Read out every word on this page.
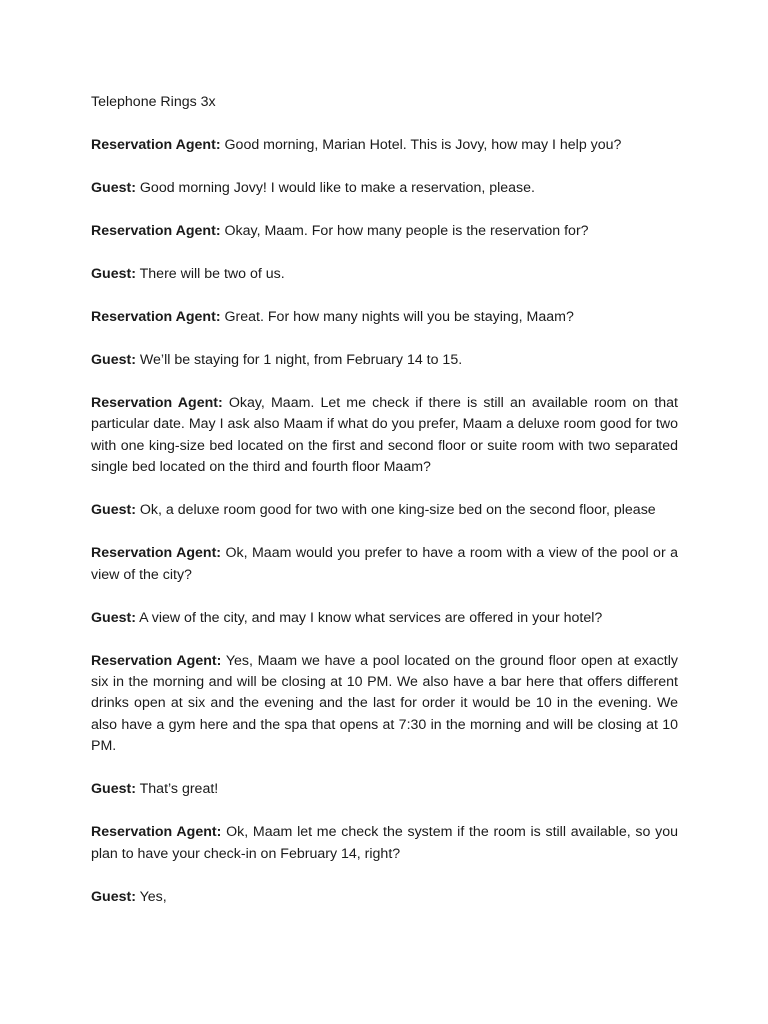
Telephone Rings 3x

Reservation Agent: Good morning, Marian Hotel. This is Jovy, how may I help you?

Guest: Good morning Jovy! I would like to make a reservation, please.

Reservation Agent: Okay, Maam. For how many people is the reservation for?

Guest: There will be two of us.

Reservation Agent: Great. For how many nights will you be staying, Maam?

Guest: We’ll be staying for 1 night, from February 14 to 15.

Reservation Agent: Okay, Maam. Let me check if there is still an available room on that particular date. May I ask also Maam if what do you prefer, Maam a deluxe room good for two with one king-size bed located on the first and second floor or suite room with two separated single bed located on the third and fourth floor Maam?

Guest: Ok, a deluxe room good for two with one king-size bed on the second floor, please

Reservation Agent: Ok, Maam would you prefer to have a room with a view of the pool or a view of the city?

Guest: A view of the city, and may I know what services are offered in your hotel?

Reservation Agent: Yes, Maam we have a pool located on the ground floor open at exactly six in the morning and will be closing at 10 PM. We also have a bar here that offers different drinks open at six and the evening and the last for order it would be 10 in the evening. We also have a gym here and the spa that opens at 7:30 in the morning and will be closing at 10 PM.

Guest: That’s great!

Reservation Agent: Ok, Maam let me check the system if the room is still available, so you plan to have your check-in on February 14, right?

Guest: Yes,
